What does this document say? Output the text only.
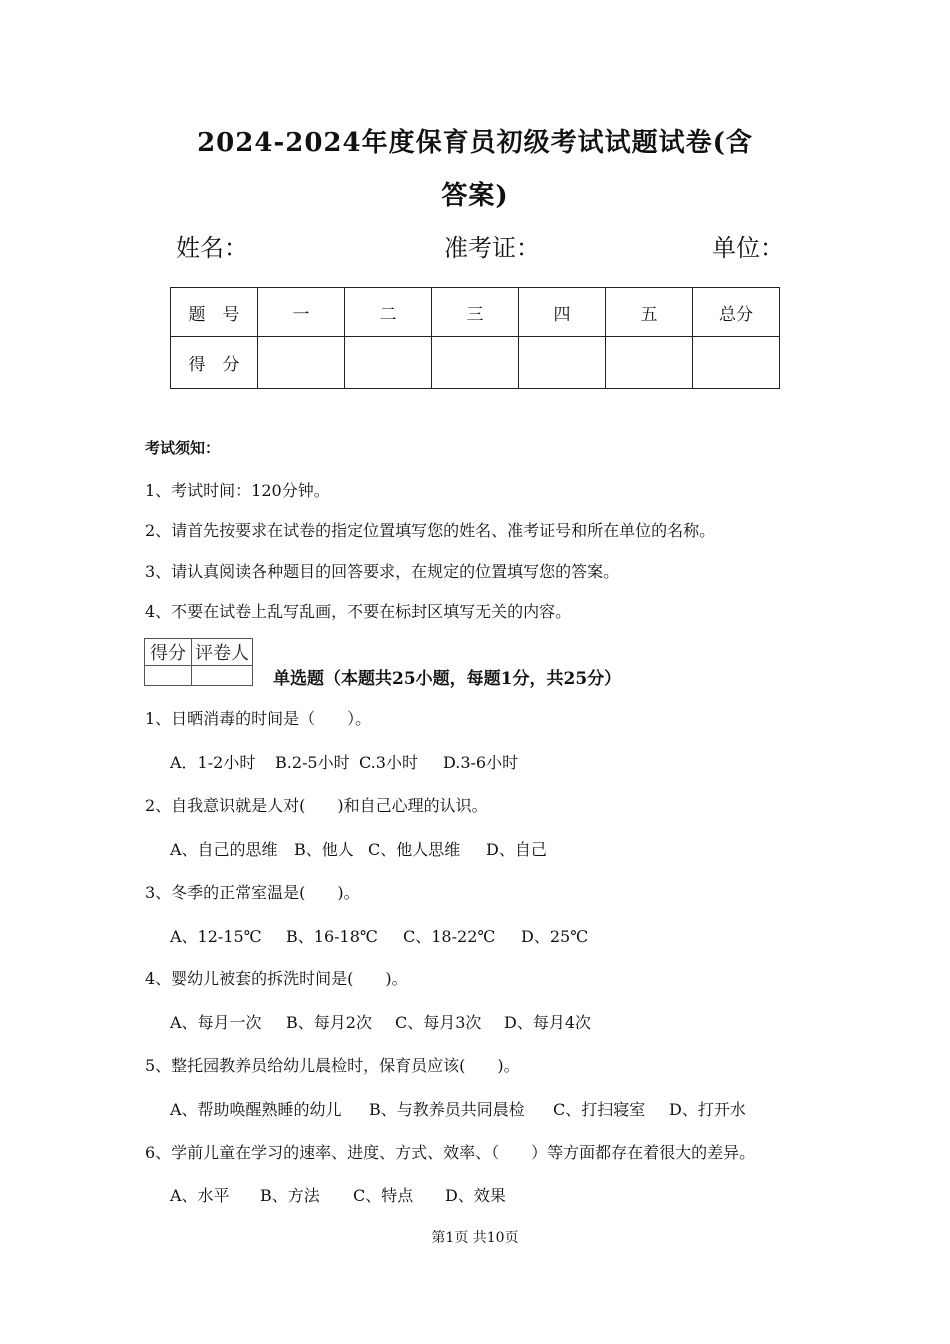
2024-2024年度保育员初级考试试题试卷(含
答案)
姓名：	准考证：	单位：
题　号	一	二	三	四	五	总分
得　分						
考试须知：
1、考试时间：120分钟。
2、请首先按要求在试卷的指定位置填写您的姓名、准考证号和所在单位的名称。
3、请认真阅读各种题目的回答要求，在规定的位置填写您的答案。
4、不要在试卷上乱写乱画，不要在标封区填写无关的内容。
得分	评卷人

单选题（本题共25小题，每题1分，共25分）
1、日晒消毒的时间是（　　）。
A．1-2小时 B.2-5小时 C.3小时 D.3-6小时
2、自我意识就是人对(　　)和自己心理的认识。
A、自己的思维 B、他人 C、他人思维 D、自己
3、冬季的正常室温是(　　)。
A、12-15℃ B、16-18℃ C、18-22℃ D、25℃
4、婴幼儿被套的拆洗时间是(　　)。
A、每月一次 B、每月2次 C、每月3次 D、每月4次
5、整托园教养员给幼儿晨检时，保育员应该(　　)。
A、帮助唤醒熟睡的幼儿 B、与教养员共同晨检 C、打扫寝室 D、打开水
6、学前儿童在学习的速率、进度、方式、效率、（　　）等方面都存在着很大的差异。
A、水平 B、方法 C、特点 D、效果
第1页 共10页
